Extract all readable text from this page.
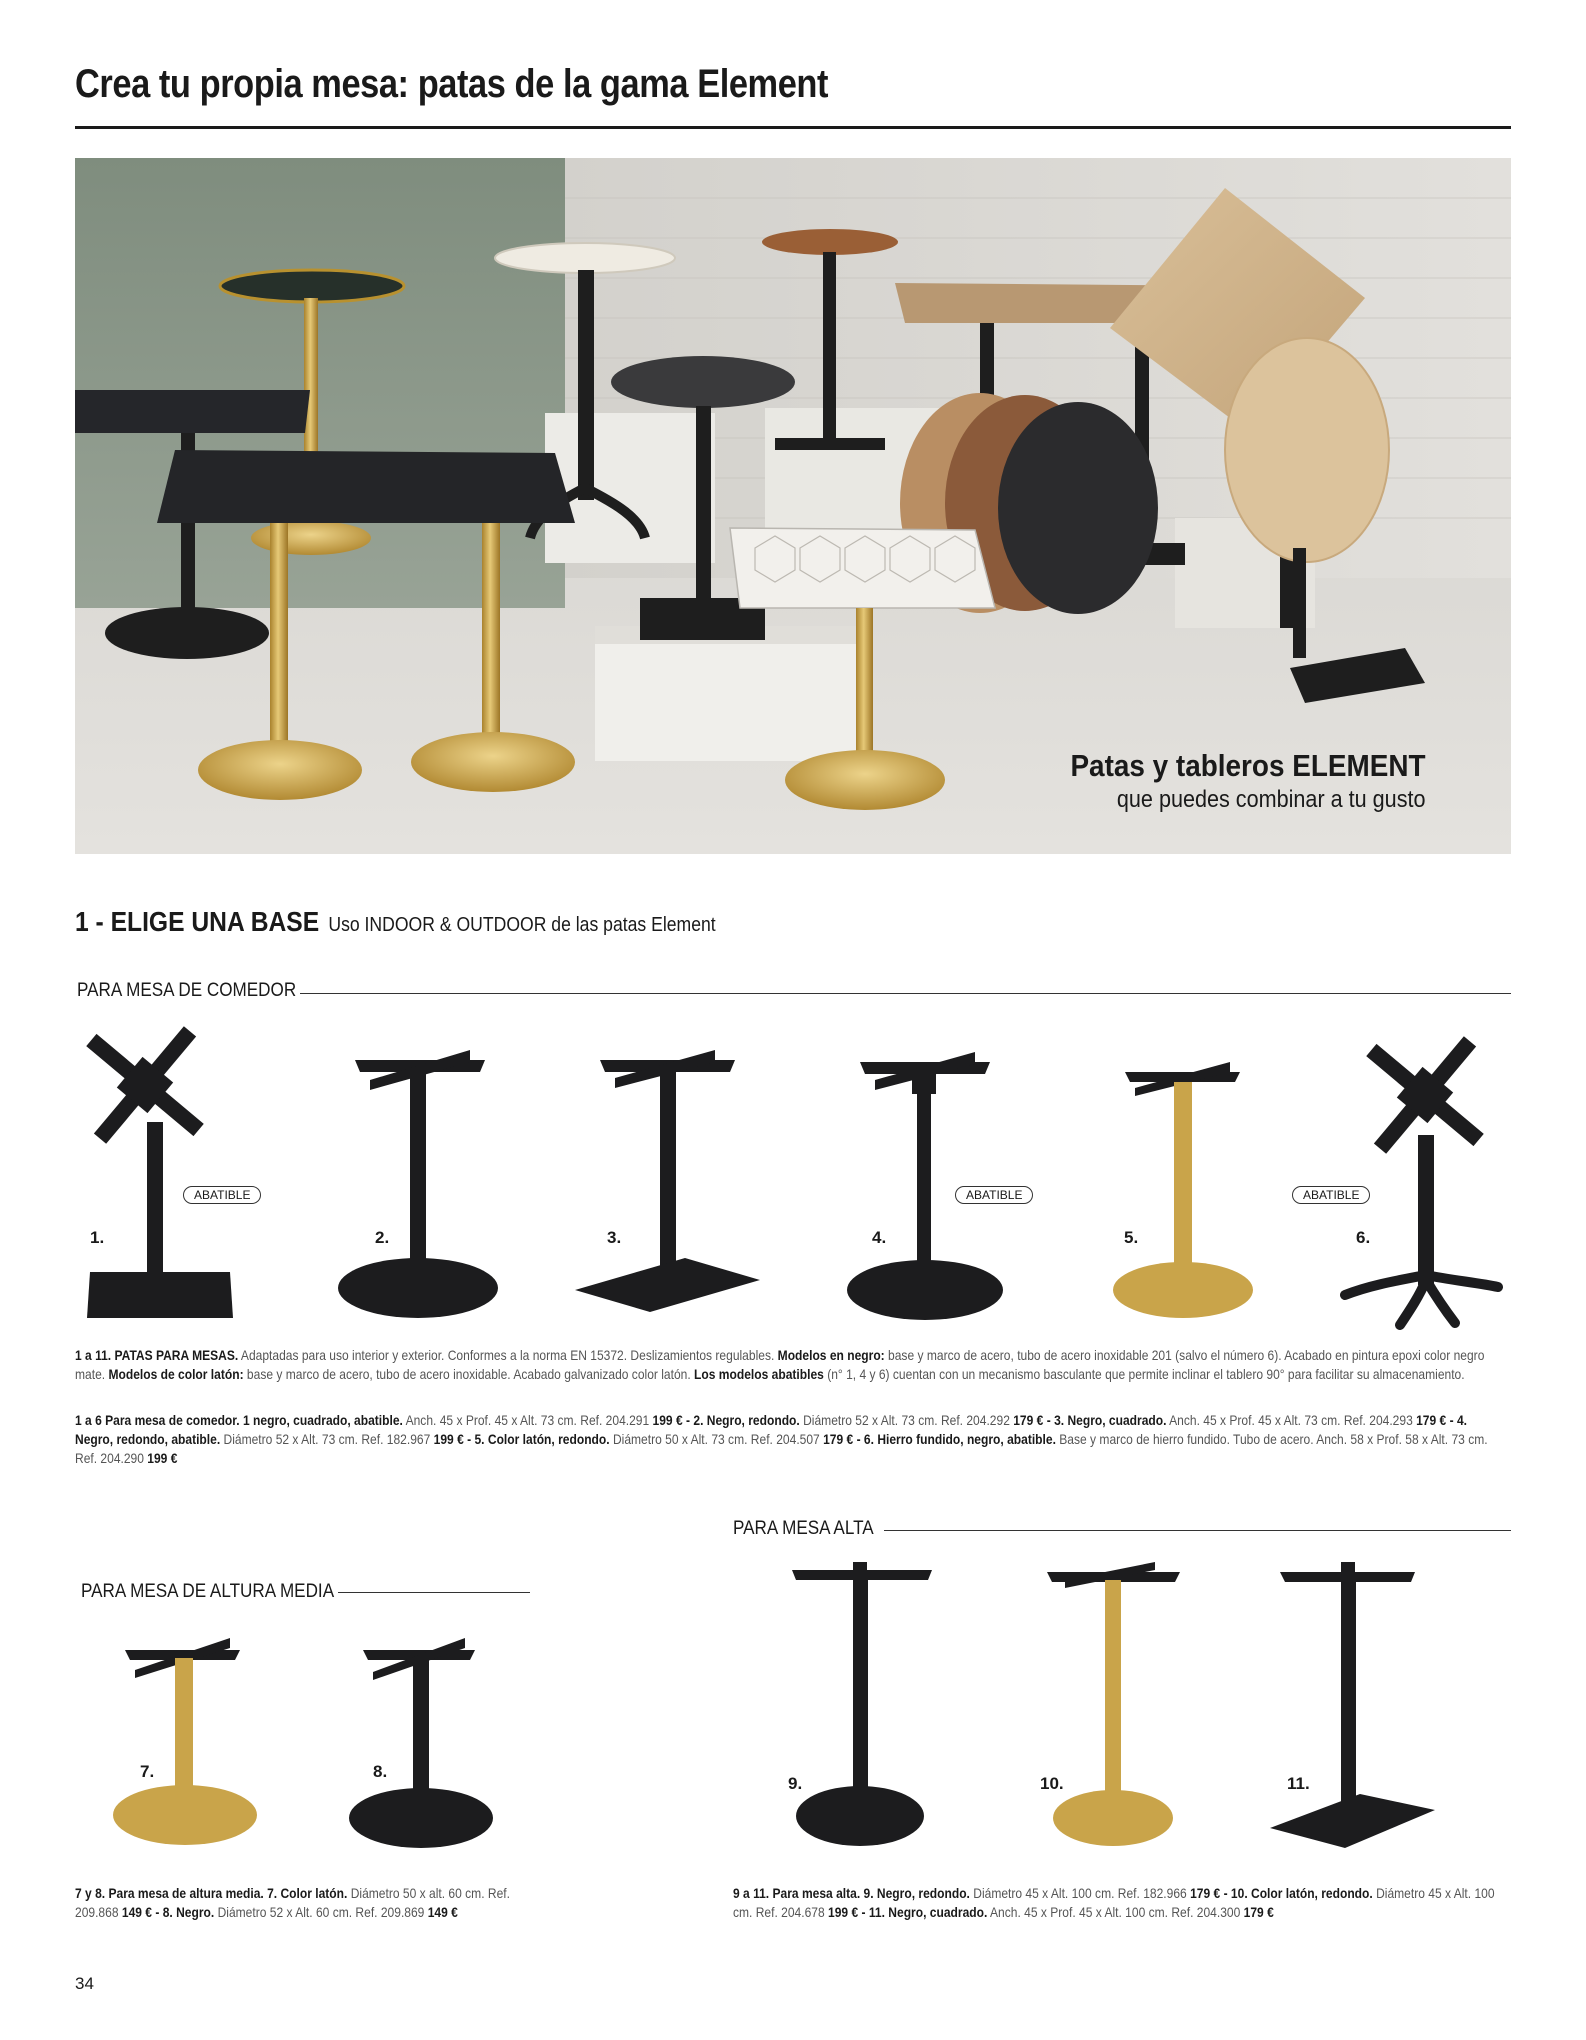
Crea tu propia mesa: patas de la gama Element
Patas y tableros ELEMENT
que puedes combinar a tu gusto
1 - ELIGE UNA BASE Uso INDOOR & OUTDOOR de las patas Element
PARA MESA DE COMEDOR
ABATIBLE
1.	2.	3.	4.
ABATIBLE
5.	6.
ABATIBLE
1 a 11. PATAS PARA MESAS. Adaptadas para uso interior y exterior. Conformes a la norma EN 15372. Deslizamientos regulables. Modelos en negro: base y marco de acero, tubo de acero inoxidable 201 (salvo el número 6). Acabado en pintura epoxi color negro mate. Modelos de color latón: base y marco de acero, tubo de acero inoxidable. Acabado galvanizado color latón. Los modelos abatibles (n° 1, 4 y 6) cuentan con un mecanismo basculante que permite inclinar el tablero 90° para facilitar su almacenamiento.
1 a 6 Para mesa de comedor. 1 negro, cuadrado, abatible. Anch. 45 x Prof. 45 x Alt. 73 cm. Ref. 204.291 199 € - 2. Negro, redondo. Diámetro 52 x Alt. 73 cm. Ref. 204.292 179 € - 3. Negro, cuadrado. Anch. 45 x Prof. 45 x Alt. 73 cm. Ref. 204.293 179 € - 4. Negro, redondo, abatible. Diámetro 52 x Alt. 73 cm. Ref. 182.967 199 € - 5. Color latón, redondo. Diámetro 50 x Alt. 73 cm. Ref. 204.507 179 € - 6. Hierro fundido, negro, abatible. Base y marco de hierro fundido. Tubo de acero. Anch. 58 x Prof. 58 x Alt. 73 cm. Ref. 204.290 199 €
PARA MESA DE ALTURA MEDIA
PARA MESA ALTA
7.	8.
9.	10.	11.
7 y 8. Para mesa de altura media. 7. Color latón. Diámetro 50 x alt. 60 cm. Ref. 209.868 149 € - 8. Negro. Diámetro 52 x Alt. 60 cm. Ref. 209.869 149 €
9 a 11. Para mesa alta. 9. Negro, redondo. Diámetro 45 x Alt. 100 cm. Ref. 182.966 179 € - 10. Color latón, redondo. Diámetro 45 x Alt. 100 cm. Ref. 204.678 199 € - 11. Negro, cuadrado. Anch. 45 x Prof. 45 x Alt. 100 cm. Ref. 204.300 179 €
34
